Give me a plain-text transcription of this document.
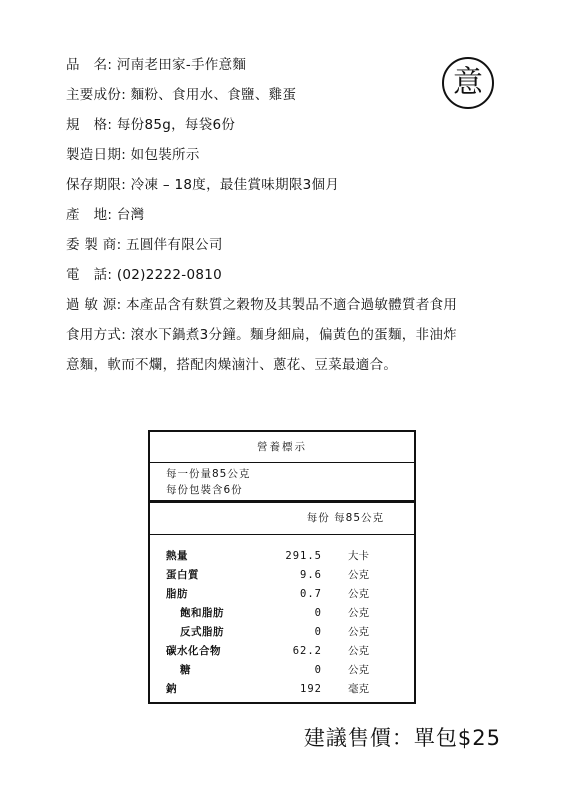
品　名: 河南老田家-手作意麵
主要成份: 麵粉、食用水、食鹽、雞蛋
規　格: 每份85g，每袋6份
製造日期: 如包裝所示
保存期限: 冷凍 – 18度，最佳賞味期限3個月
產　地: 台灣
委 製 商: 五圓伴有限公司
電　話: (02)2222-0810
過 敏 源: 本產品含有麩質之穀物及其製品不適合過敏體質者食用
食用方式: 滾水下鍋煮3分鐘。麵身細扁，偏黃色的蛋麵，非油炸
意麵，軟而不爛，搭配肉燥滷汁、蔥花、豆菜最適合。
意
營養標示
每一份量85公克
每份包裝含6份
每份 每85公克
熱量	291.5 大卡
蛋白質	9.6 公克
脂肪	0.7 公克
飽和脂肪	0 公克
反式脂肪	0 公克
碳水化合物	62.2 公克
糖	0 公克
鈉	192 毫克
建議售價：單包$25
